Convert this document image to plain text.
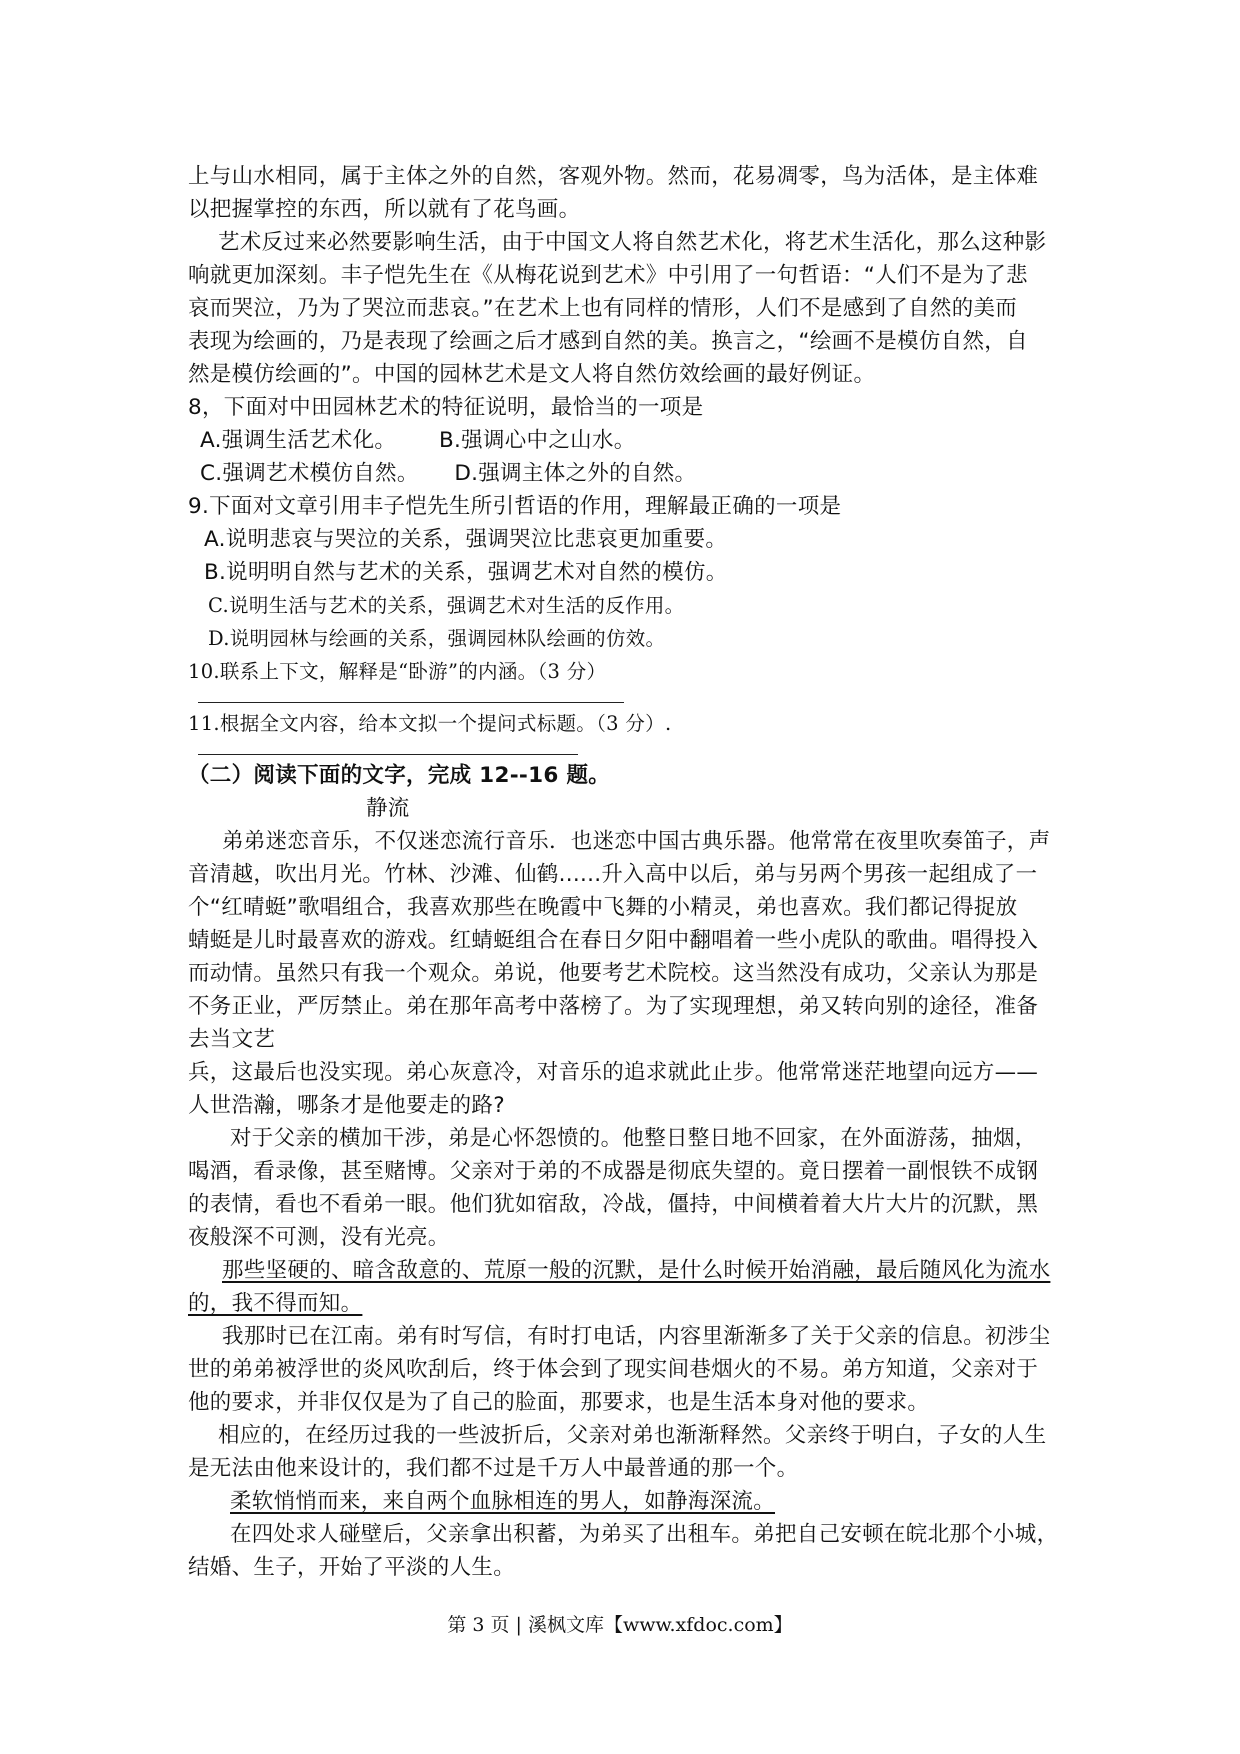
上与山水相同，属于主体之外的自然，客观外物。然而，花易凋零，鸟为活体，是主体难
以把握掌控的东西，所以就有了花鸟画。
艺术反过来必然要影响生活，由于中国文人将自然艺术化，将艺术生活化，那么这种影
响就更加深刻。丰子恺先生在《从梅花说到艺术》中引用了一句哲语：“人们不是为了悲
哀而哭泣，乃为了哭泣而悲哀。”在艺术上也有同样的情形，人们不是感到了自然的美而
表现为绘画的，乃是表现了绘画之后才感到自然的美。换言之，“绘画不是模仿自然，自
然是模仿绘画的”。中国的园林艺术是文人将自然仿效绘画的最好例证。
8，下面对中田园林艺术的特征说明，最恰当的一项是
A.强调生活艺术化。      B.强调心中之山水。
C.强调艺术模仿自然。     D.强调主体之外的自然。
9.下面对文章引用丰子恺先生所引哲语的作用，理解最正确的一项是
A.说明悲哀与哭泣的关系，强调哭泣比悲哀更加重要。
B.说明明自然与艺术的关系，强调艺术对自然的模仿。
C.说明生活与艺术的关系，强调艺术对生活的反作用。
D.说明园林与绘画的关系，强调园林队绘画的仿效。
10.联系上下文，解释是“卧游”的内涵。（3 分）
11.根据全文内容，给本文拟一个提问式标题。（3 分）.
（二）阅读下面的文字，完成 12--16 题。
静流
弟弟迷恋音乐，不仅迷恋流行音乐．也迷恋中国古典乐器。他常常在夜里吹奏笛子，声
音清越，吹出月光。竹林、沙滩、仙鹤......升入高中以后，弟与另两个男孩一起组成了一
个“红晴蜓”歌唱组合，我喜欢那些在晚霞中飞舞的小精灵，弟也喜欢。我们都记得捉放
蜻蜓是儿时最喜欢的游戏。红蜻蜓组合在春日夕阳中翻唱着一些小虎队的歌曲。唱得投入
而动情。虽然只有我一个观众。弟说，他要考艺术院校。这当然没有成功，父亲认为那是
不务正业，严厉禁止。弟在那年高考中落榜了。为了实现理想，弟又转向别的途径，准备
去当文艺
兵，这最后也没实现。弟心灰意冷，对音乐的追求就此止步。他常常迷茫地望向远方——
人世浩瀚，哪条才是他要走的路?
对于父亲的横加干涉，弟是心怀怨愤的。他整日整日地不回家，在外面游荡，抽烟，
喝酒，看录像，甚至赌博。父亲对于弟的不成器是彻底失望的。竟日摆着一副恨铁不成钢
的表情，看也不看弟一眼。他们犹如宿敌，冷战，僵持，中间横着着大片大片的沉默，黑
夜般深不可测，没有光亮。
那些坚硬的、暗含敌意的、荒原一般的沉默，是什么时候开始消融，最后随风化为流水
的，我不得而知。
我那时已在江南。弟有时写信，有时打电话，内容里渐渐多了关于父亲的信息。初涉尘
世的弟弟被浮世的炎风吹刮后，终于体会到了现实间巷烟火的不易。弟方知道，父亲对于
他的要求，并非仅仅是为了自己的脸面，那要求，也是生活本身对他的要求。
相应的，在经历过我的一些波折后，父亲对弟也渐渐释然。父亲终于明白，子女的人生
是无法由他来设计的，我们都不过是千万人中最普通的那一个。
柔软悄悄而来，来自两个血脉相连的男人，如静海深流。
在四处求人碰壁后，父亲拿出积蓄，为弟买了出租车。弟把自己安顿在皖北那个小城，
结婚、生子，开始了平淡的人生。
第 3 页 | 溪枫文库【www.xfdoc.com】
